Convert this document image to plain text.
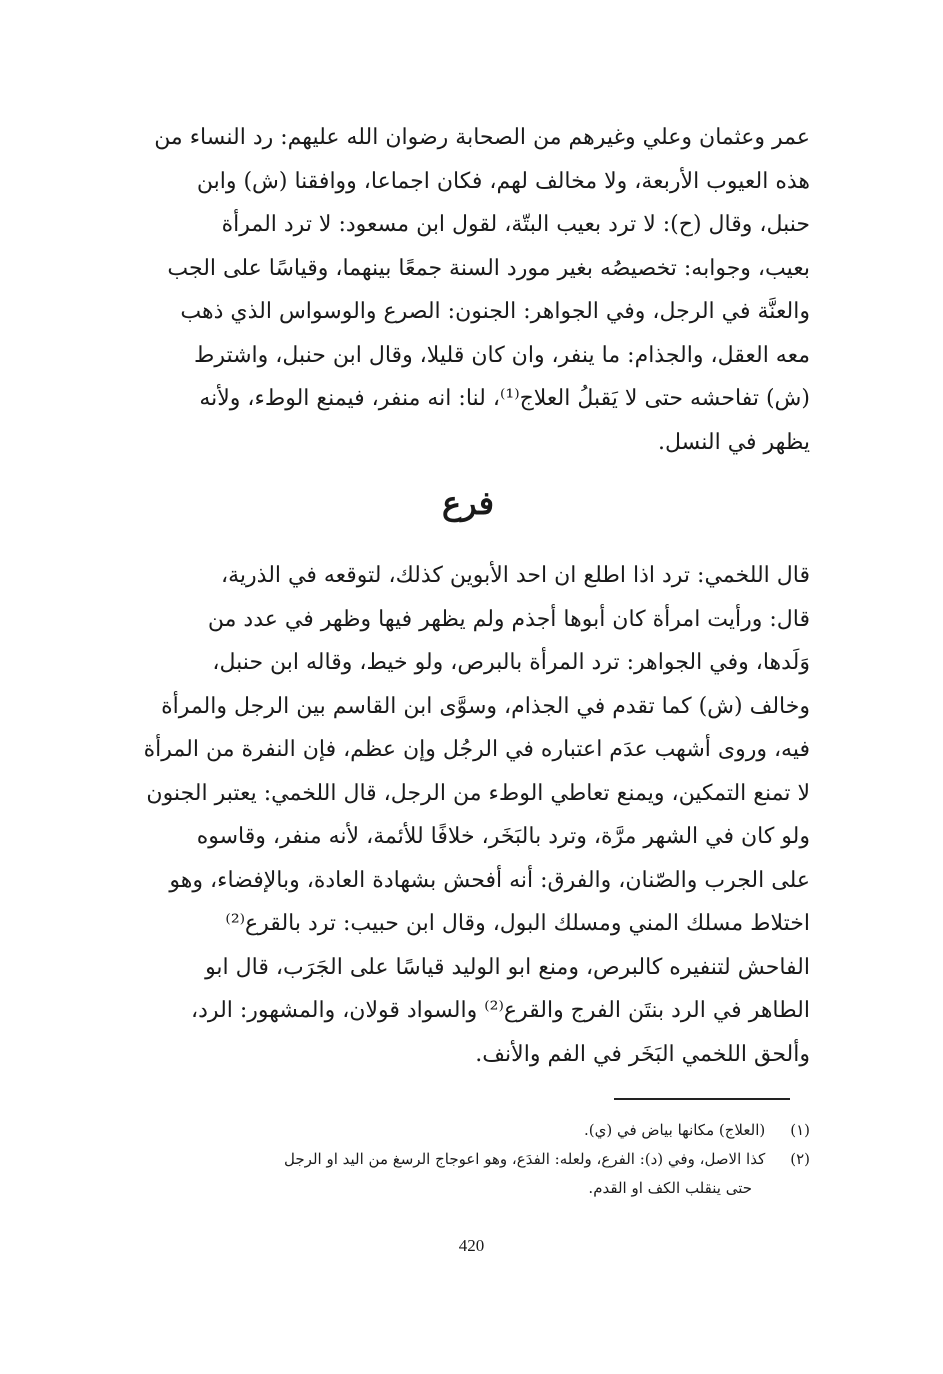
عمر وعثمان وعلي وغيرهم من الصحابة رضوان الله عليهم: رد النساء من
هذه العيوب الأربعة، ولا مخالف لهم، فكان اجماعا، ووافقنا (ش) وابن
حنبل، وقال (ح): لا ترد بعيب البتّة، لقول ابن مسعود: لا ترد المرأة
بعيب، وجوابه: تخصيصُه بغير مورد السنة جمعًا بينهما، وقياسًا على الجب
والعنَّة في الرجل، وفي الجواهر: الجنون: الصرع والوسواس الذي ذهب
معه العقل، والجذام: ما ينفر، وان كان قليلا، وقال ابن حنبل، واشترط
(ش) تفاحشه حتى لا يَقبلُ العلاج⁽¹⁾، لنا: انه منفر، فيمنع الوطء، ولأنه
يظهر في النسل.
فرع
قال اللخمي: ترد اذا اطلع ان احد الأبوين كذلك، لتوقعه في الذرية،
قال: ورأيت امرأة كان أبوها أجذم ولم يظهر فيها وظهر في عدد من
وَلَدها، وفي الجواهر: ترد المرأة بالبرص، ولو خيط، وقاله ابن حنبل،
وخالف (ش) كما تقدم في الجذام، وسوَّى ابن القاسم بين الرجل والمرأة
فيه، وروى أشهب عدَم اعتباره في الرجُل وإن عظم، فإن النفرة من المرأة
لا تمنع التمكين، ويمنع تعاطي الوطء من الرجل، قال اللخمي: يعتبر الجنون
ولو كان في الشهر مرَّة، وترد بالبَخَر، خلافًا للأئمة، لأنه منفر، وقاسوه
على الجرب والصّنان، والفرق: أنه أفحش بشهادة العادة، وبالإفضاء، وهو
اختلاط مسلك المني ومسلك البول، وقال ابن حبيب: ترد بالقرع⁽²⁾
الفاحش لتنفيره كالبرص، ومنع ابو الوليد قياسًا على الجَرَب، قال ابو
الطاهر في الرد بنتَن الفرج والقرع⁽²⁾ والسواد قولان، والمشهور: الرد،
وألحق اللخمي البَخَر في الفم والأنف.
(١) (العلاج) مكانها بياض في (ي).
(٢) كذا الاصل، وفي (د): الفرع، ولعله: الفدَع، وهو اعوجاج الرسغ من اليد او الرجل
حتى ينقلب الكف او القدم.
420
